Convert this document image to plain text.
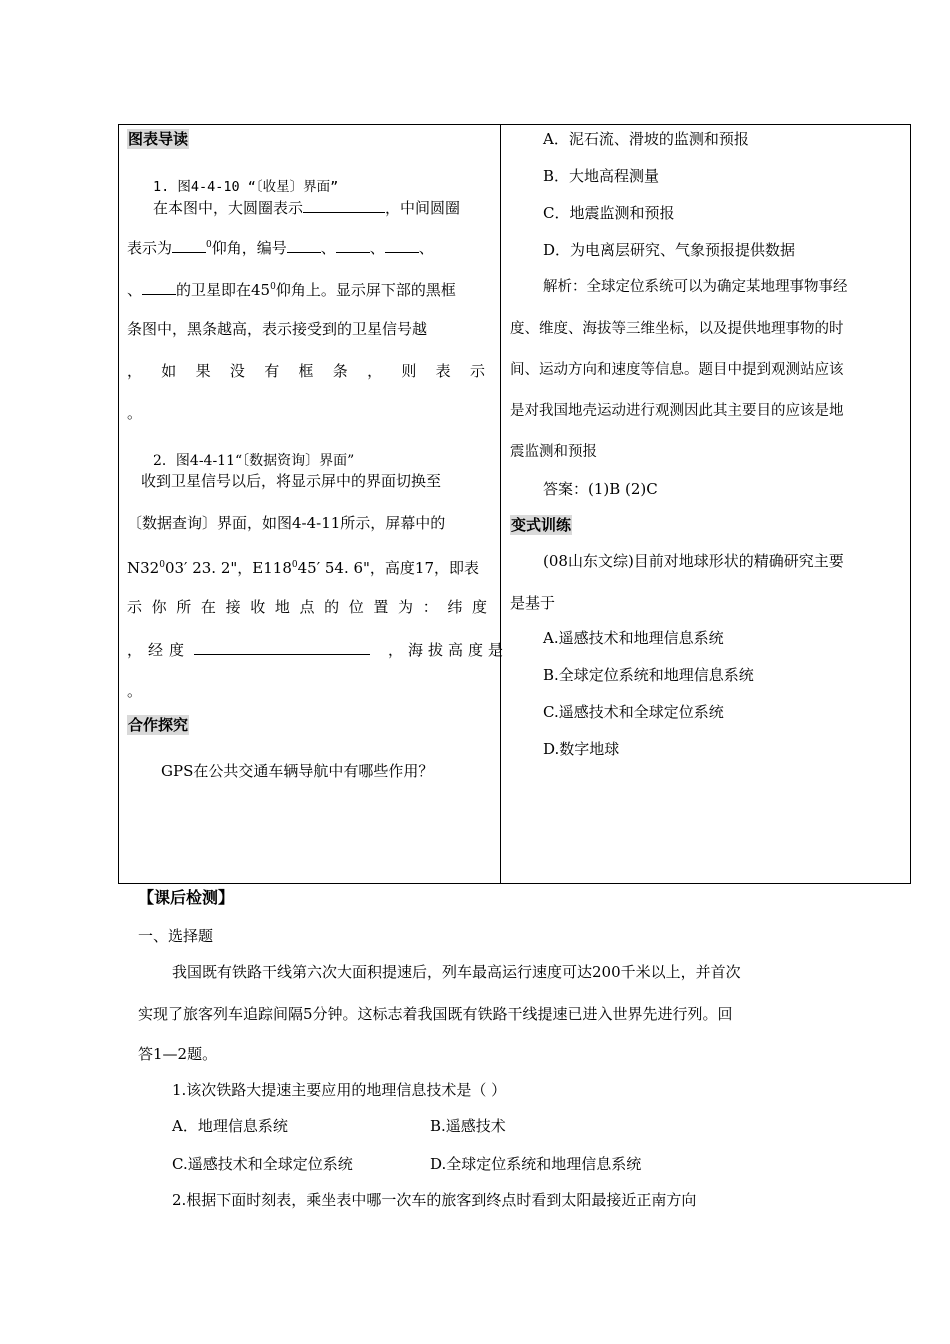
图表导读
1. 图4-4-10 “〔收星〕界面”
在本图中，大圆圈表示	，中间圆圈
表示为	$^0$仰角，编号 、 、 、
、 的卫星即在$45^0$仰角上。显示屏下部的黑框
条图中，黑条越高，表示接受到的卫星信号越
，如果没有框条，则表示
。
2．图4-4-11“〔数据资询〕界面”
收到卫星信号以后，将显示屏中的界面切换至
〔数据查询〕界面，如图4-4-11所示，屏幕中的
$N32^003'$ 23. 2"，$E118^045'$ 54. 6"，高度17，即表
示你所在接收地点的位置为：纬度
，经度	，海拔高度是
。
合作探究
GPS在公共交通车辆导航中有哪些作用？
A．泥石流、滑坡的监测和预报
B．大地高程测量
C．地震监测和预报
D．为电离层研究、气象预报提供数据
解析：全球定位系统可以为确定某地理事物事经
度、维度、海拔等三维坐标，以及提供地理事物的时
间、运动方向和速度等信息。题目中提到观测站应该
是对我国地壳运动进行观测因此其主要目的应该是地
震监测和预报
答案：(1)B (2)C
变式训练
(08山东文综)目前对地球形状的精确研究主要
是基于
A.遥感技术和地理信息系统
B.全球定位系统和地理信息系统
C.遥感技术和全球定位系统
D.数字地球
【课后检测】
一、选择题
我国既有铁路干线第六次大面积提速后，列车最高运行速度可达200千米以上，并首次
实现了旅客列车追踪间隔5分钟。这标志着我国既有铁路干线提速已进入世界先进行列。回
答1—2题。
1.该次铁路大提速主要应用的地理信息技术是（ ）
A．地理信息系统	B.遥感技术
C.遥感技术和全球定位系统	D.全球定位系统和地理信息系统
2.根据下面时刻表，乘坐表中哪一次车的旅客到终点时看到太阳最接近正南方向
